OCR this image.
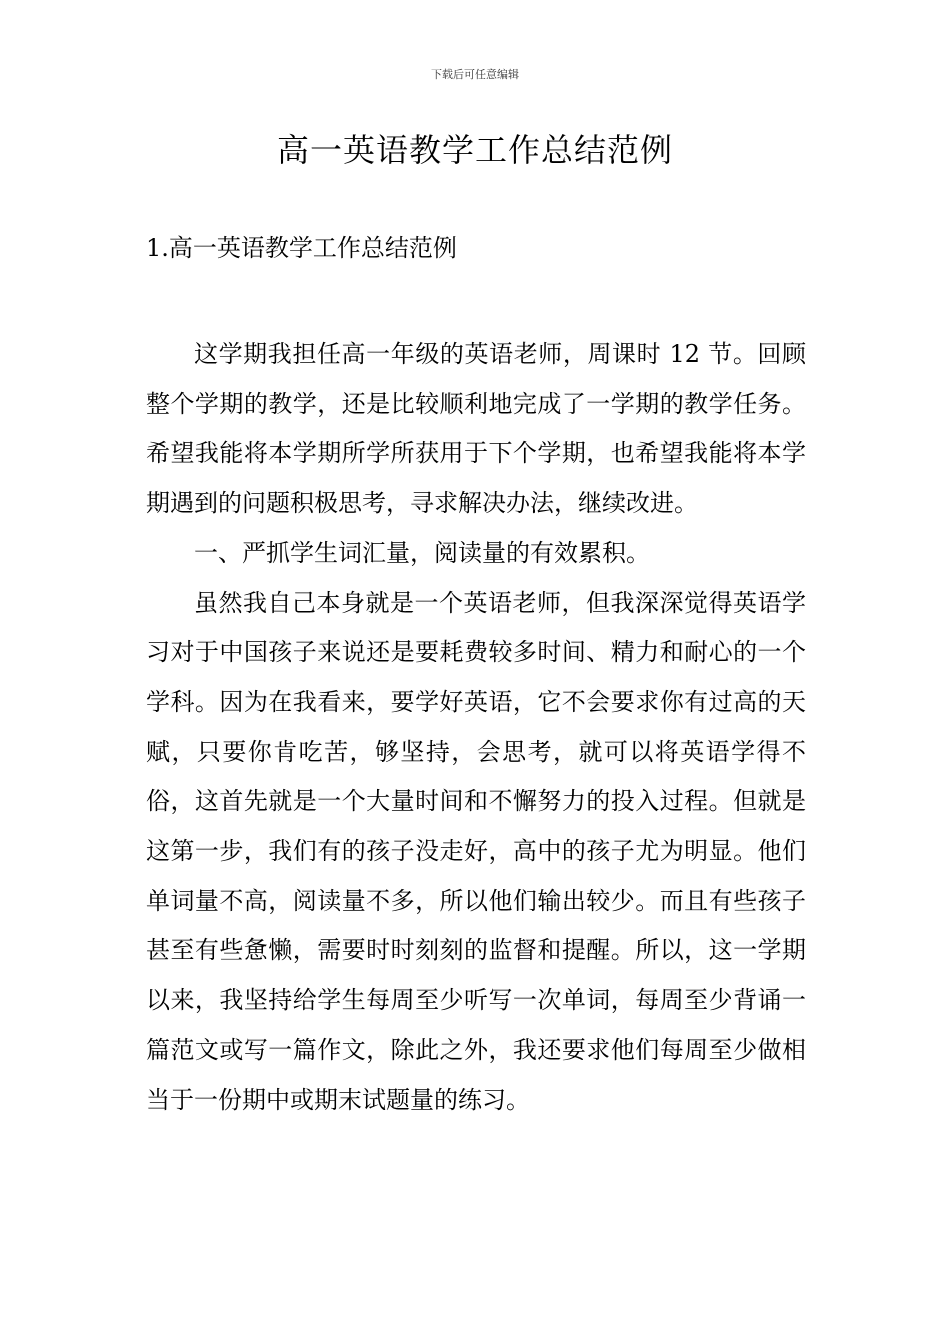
下载后可任意编辑
高一英语教学工作总结范例
1.高一英语教学工作总结范例

这学期我担任高一年级的英语老师，周课时 12 节。回顾整个学期的教学，还是比较顺利地完成了一学期的教学任务。希望我能将本学期所学所获用于下个学期，也希望我能将本学期遇到的问题积极思考，寻求解决办法，继续改进。

一、严抓学生词汇量，阅读量的有效累积。

虽然我自己本身就是一个英语老师，但我深深觉得英语学习对于中国孩子来说还是要耗费较多时间、精力和耐心的一个学科。因为在我看来，要学好英语，它不会要求你有过高的天赋，只要你肯吃苦，够坚持，会思考，就可以将英语学得不俗，这首先就是一个大量时间和不懈努力的投入过程。但就是这第一步，我们有的孩子没走好，高中的孩子尤为明显。他们单词量不高，阅读量不多，所以他们输出较少。而且有些孩子甚至有些惫懒，需要时时刻刻的监督和提醒。所以，这一学期以来，我坚持给学生每周至少听写一次单词，每周至少背诵一篇范文或写一篇作文，除此之外，我还要求他们每周至少做相当于一份期中或期末试题量的练习。
